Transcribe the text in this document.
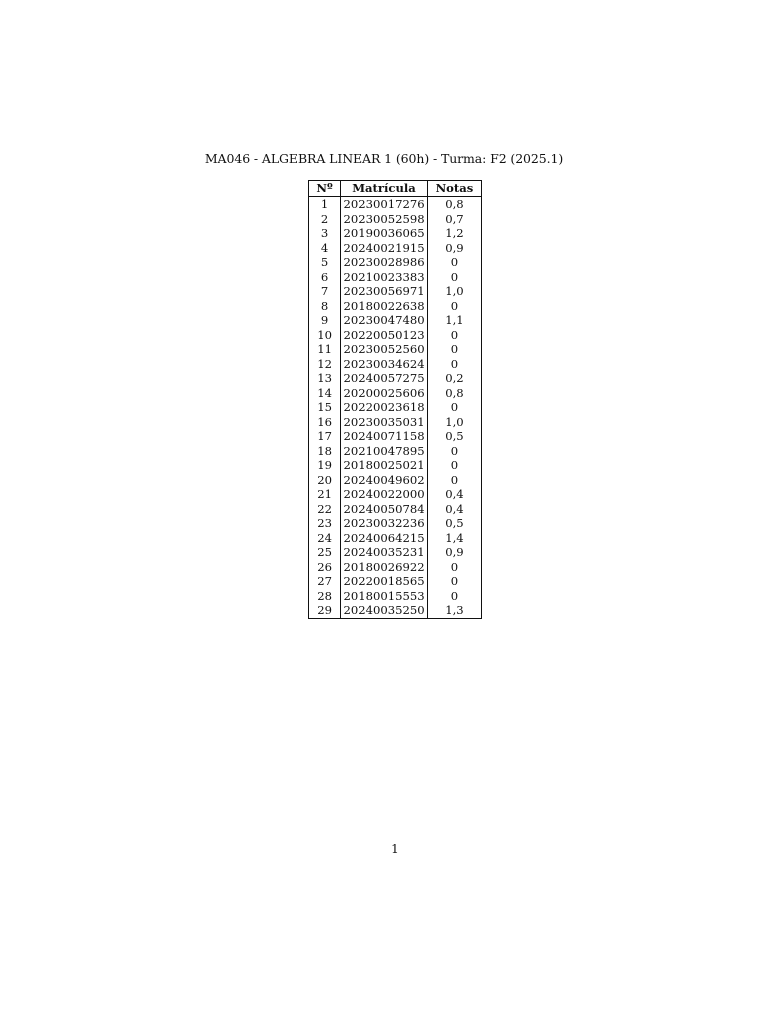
MA046 - ALGEBRA LINEAR 1 (60h) - Turma: F2 (2025.1)
Nº	Matrícula	Notas
1	20230017276	0,8
2	20230052598	0,7
3	20190036065	1,2
4	20240021915	0,9
5	20230028986	0
6	20210023383	0
7	20230056971	1,0
8	20180022638	0
9	20230047480	1,1
10	20220050123	0
11	20230052560	0
12	20230034624	0
13	20240057275	0,2
14	20200025606	0,8
15	20220023618	0
16	20230035031	1,0
17	20240071158	0,5
18	20210047895	0
19	20180025021	0
20	20240049602	0
21	20240022000	0,4
22	20240050784	0,4
23	20230032236	0,5
24	20240064215	1,4
25	20240035231	0,9
26	20180026922	0
27	20220018565	0
28	20180015553	0
29	20240035250	1,3
1
